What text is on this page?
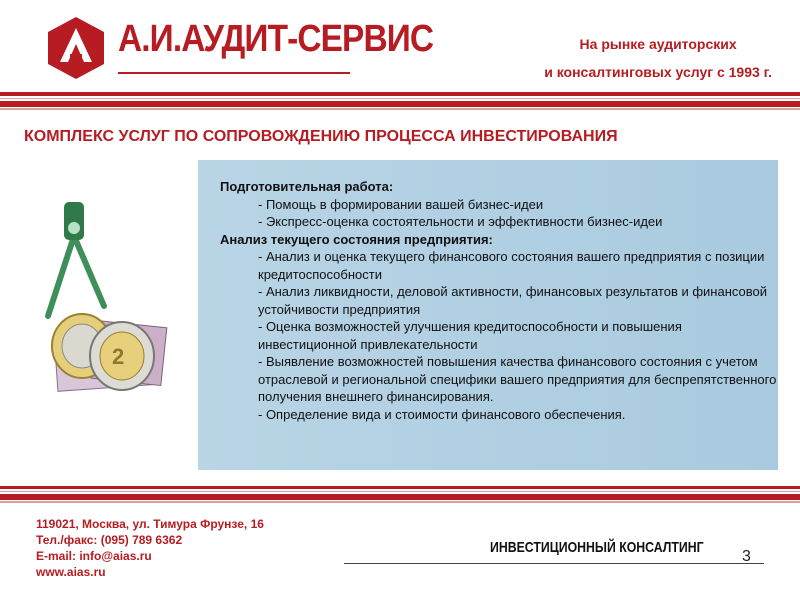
А.И.АУДИТ-СЕРВИС	На рынке аудиторских
и консалтинговых услуг с 1993 г.
КОМПЛЕКС УСЛУГ ПО СОПРОВОЖДЕНИЮ ПРОЦЕССА ИНВЕСТИРОВАНИЯ
2
Подготовительная работа:
- Помощь в формировании вашей бизнес-идеи
- Экспресс-оценка состоятельности и эффективности бизнес-идеи
Анализ текущего состояния предприятия:
- Анализ и оценка текущего финансового состояния вашего предприятия с позиции кредитоспособности
- Анализ ликвидности, деловой активности, финансовых результатов и финансовой устойчивости предприятия
- Оценка возможностей улучшения кредитоспособности и повышения инвестиционной привлекательности
- Выявление возможностей повышения качества финансового состояния с учетом отраслевой и региональной специфики вашего предприятия для беспрепятственного получения внешнего финансирования.
- Определение вида и стоимости финансового обеспечения.
119021, Москва, ул. Тимура Фрунзе, 16
Тел./факс: (095) 789 6362
E-mail: info@aias.ru
www.aias.ru
ИНВЕСТИЦИОННЫЙ КОНСАЛТИНГ
3
